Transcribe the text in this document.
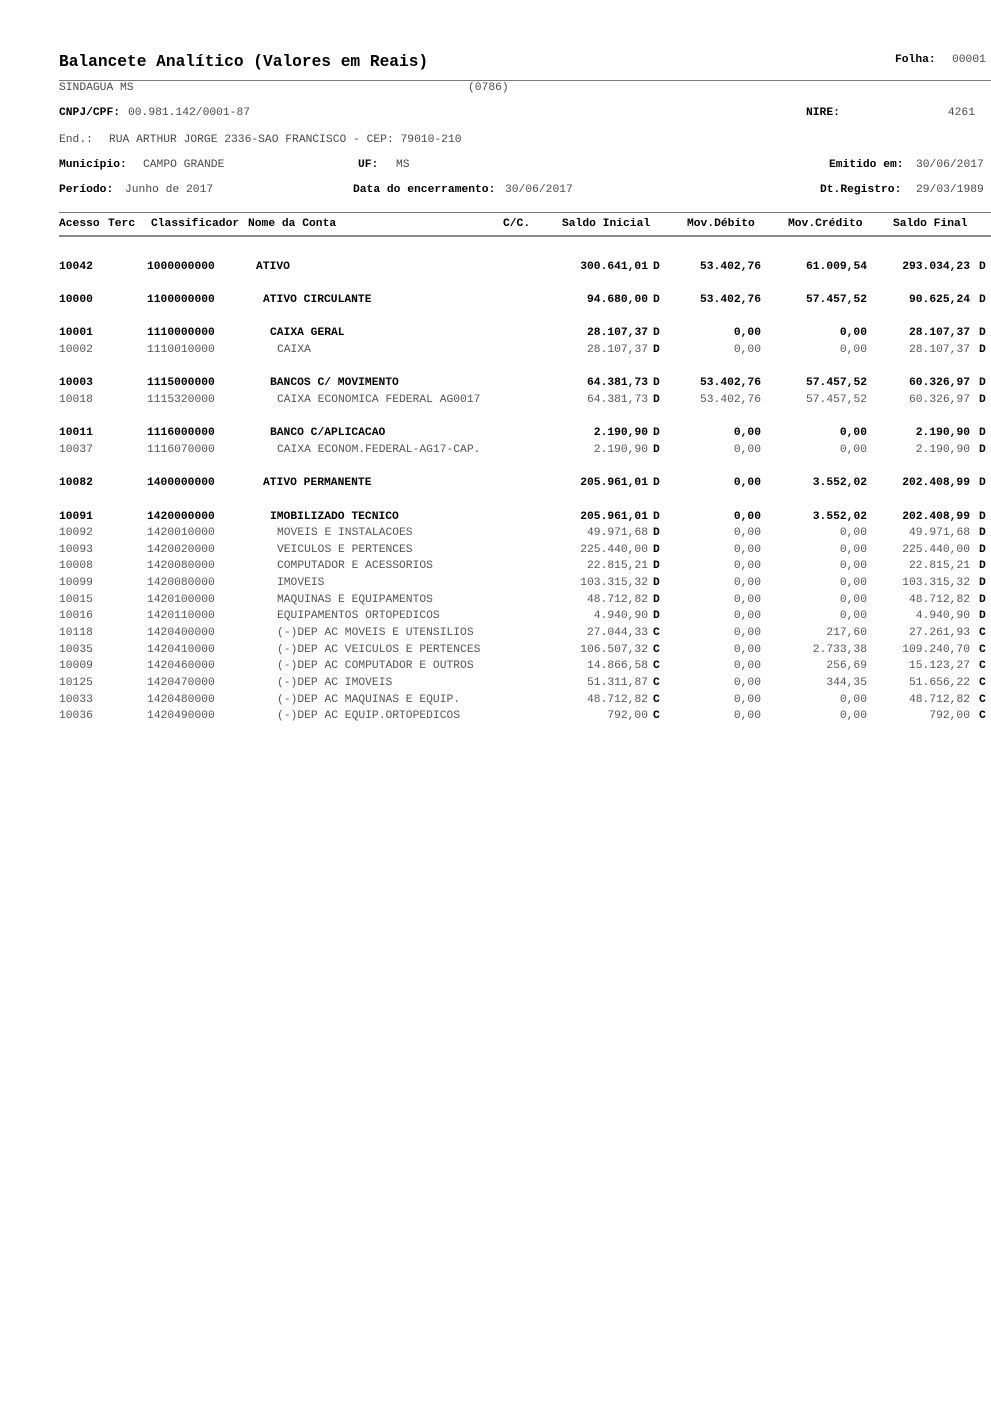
Balancete Analítico (Valores em Reais)	Folha: 00001
SINDAGUA MS	(0786)
CNPJ/CPF: 00.981.142/0001-87	NIRE:	4261
End.: RUA ARTHUR JORGE 2336-SAO FRANCISCO - CEP: 79010-210
Município: CAMPO GRANDE	UF: MS	Emitido em: 30/06/2017
Período: Junho de 2017	Data do encerramento: 30/06/2017	Dt.Registro: 29/03/1989
Acesso Terc Classificador Nome da Conta	C/C.	Saldo Inicial	Mov.Débito	Mov.Crédito	Saldo Final
10042	1000000000	ATIVO	300.641,01 D	53.402,76	61.009,54	293.034,23 D
10000	1100000000	ATIVO CIRCULANTE	94.680,00 D	53.402,76	57.457,52	90.625,24 D
10001	1110000000	CAIXA GERAL	28.107,37 D	0,00	0,00	28.107,37 D
10002	1110010000	CAIXA	28.107,37 D	0,00	0,00	28.107,37 D
10003	1115000000	BANCOS C/ MOVIMENTO	64.381,73 D	53.402,76	57.457,52	60.326,97 D
10018	1115320000	CAIXA ECONOMICA FEDERAL AG0017	64.381,73 D	53.402,76	57.457,52	60.326,97 D
10011	1116000000	BANCO C/APLICACAO	2.190,90 D	0,00	0,00	2.190,90 D
10037	1116070000	CAIXA ECONOM.FEDERAL-AG17-CAP.	2.190,90 D	0,00	0,00	2.190,90 D
10082	1400000000	ATIVO PERMANENTE	205.961,01 D	0,00	3.552,02	202.408,99 D
10091	1420000000	IMOBILIZADO TECNICO	205.961,01 D	0,00	3.552,02	202.408,99 D
10092	1420010000	MOVEIS E INSTALACOES	49.971,68 D	0,00	0,00	49.971,68 D
10093	1420020000	VEICULOS E PERTENCES	225.440,00 D	0,00	0,00	225.440,00 D
10008	1420080000	COMPUTADOR E ACESSORIOS	22.815,21 D	0,00	0,00	22.815,21 D
10099	1420080000	IMOVEIS	103.315,32 D	0,00	0,00	103.315,32 D
10015	1420100000	MAQUINAS E EQUIPAMENTOS	48.712,82 D	0,00	0,00	48.712,82 D
10016	1420110000	EQUIPAMENTOS ORTOPEDICOS	4.940,90 D	0,00	0,00	4.940,90 D
10118	1420400000	(-)DEP AC MOVEIS E UTENSILIOS	27.044,33 C	0,00	217,60	27.261,93 C
10035	1420410000	(-)DEP AC VEICULOS E PERTENCES	106.507,32 C	0,00	2.733,38	109.240,70 C
10009	1420460000	(-)DEP AC COMPUTADOR E OUTROS	14.866,58 C	0,00	256,69	15.123,27 C
10125	1420470000	(-)DEP AC IMOVEIS	51.311,87 C	0,00	344,35	51.656,22 C
10033	1420480000	(-)DEP AC MAQUINAS E EQUIP.	48.712,82 C	0,00	0,00	48.712,82 C
10036	1420490000	(-)DEP AC EQUIP.ORTOPEDICOS	792,00 C	0,00	0,00	792,00 C
